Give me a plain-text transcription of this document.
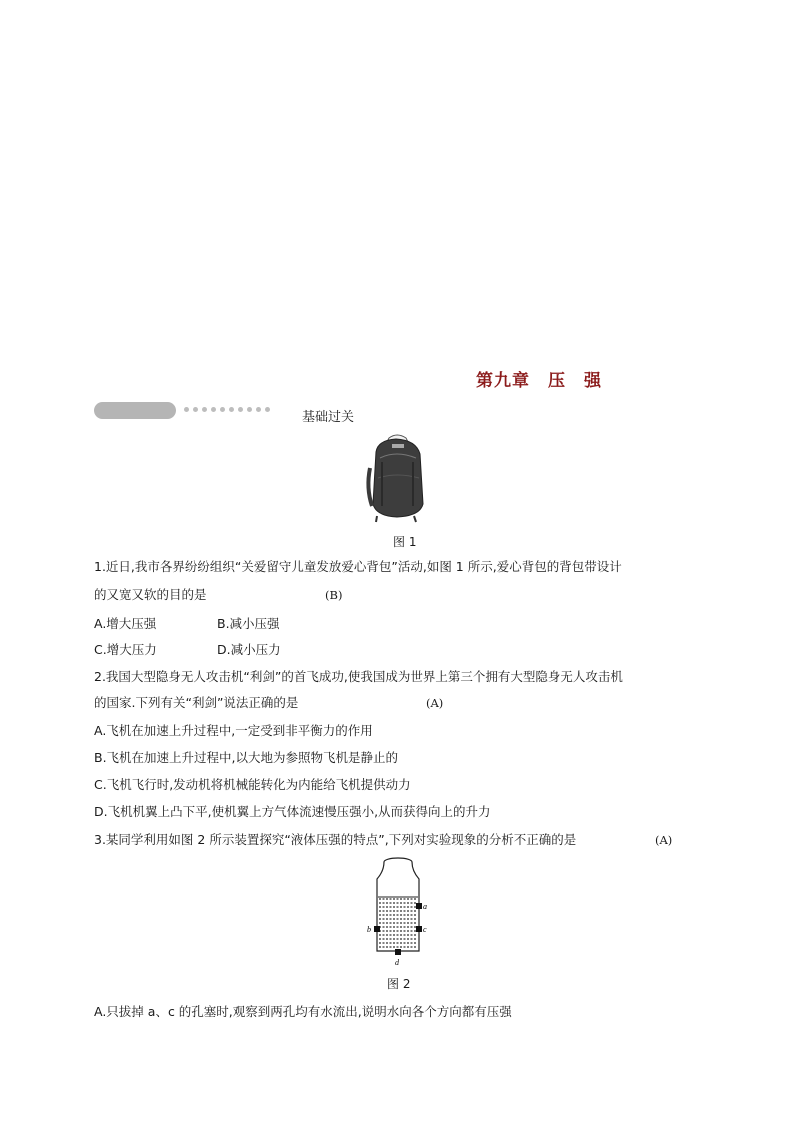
第九章　压　强
基础过关
图 1
1.近日,我市各界纷纷组织“关爱留守儿童发放爱心背包”活动,如图 1 所示,爱心背包的背包带设计
的又宽又软的目的是	(B)
A.增大压强	B.减小压强
C.增大压力	D.减小压力
2.我国大型隐身无人攻击机“利剑”的首飞成功,使我国成为世界上第三个拥有大型隐身无人攻击机
的国家.下列有关“利剑”说法正确的是	(A)
A.飞机在加速上升过程中,一定受到非平衡力的作用
B.飞机在加速上升过程中,以大地为参照物飞机是静止的
C.飞机飞行时,发动机将机械能转化为内能给飞机提供动力
D.飞机机翼上凸下平,使机翼上方气体流速慢压强小,从而获得向上的升力
3.某同学利用如图 2 所示装置探究“液体压强的特点”,下列对实验现象的分析不正确的是	(A)
a
b	c
d
图 2
A.只拔掉 a、c 的孔塞时,观察到两孔均有水流出,说明水向各个方向都有压强
